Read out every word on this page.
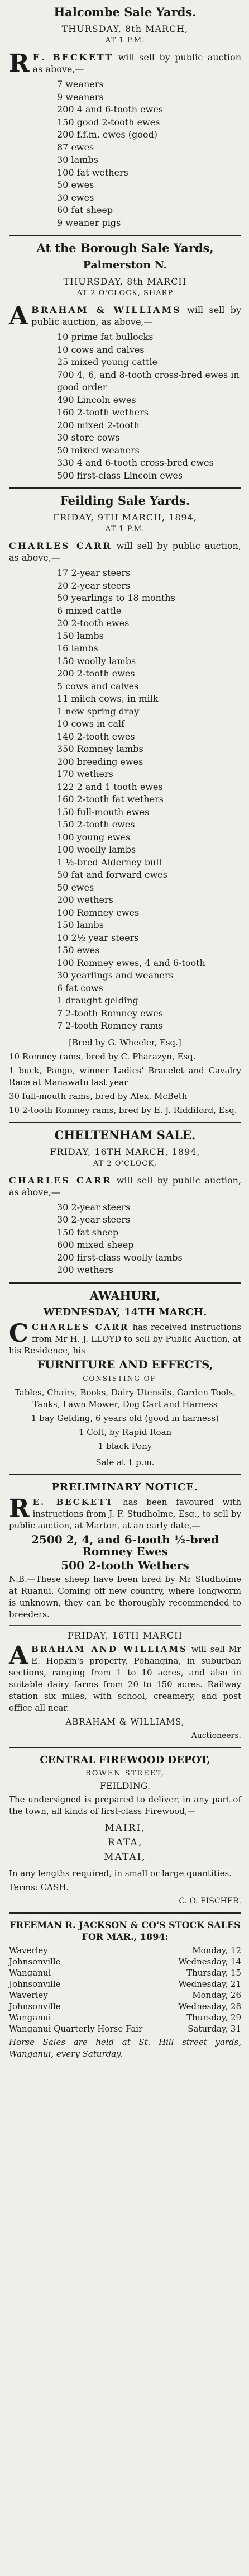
Halcombe Sale Yards.
THURSDAY, 8th MARCH,
AT 1 P.M.
R E. BECKETT will sell by public auction as above,—
7 weaners
9 weaners
200 4 and 6-tooth ewes
150 good 2-tooth ewes
200 f.f.m. ewes (good)
87 ewes
30 lambs
100 fat wethers
50 ewes
30 ewes
60 fat sheep
9 weaner pigs
At the Borough Sale Yards,
Palmerston N.
THURSDAY, 8th MARCH
AT 2 O'CLOCK, SHARP
A BRAHAM & WILLIAMS will sell by public auction, as above,—
10 prime fat bullocks
10 cows and calves
25 mixed young cattle
700 4, 6, and 8-tooth cross-bred ewes in good order
490 Lincoln ewes
160 2-tooth wethers
200 mixed 2-tooth
30 store cows
50 mixed weaners
330 4 and 6-tooth cross-bred ewes
500 first-class Lincoln ewes
Feilding Sale Yards.
FRIDAY, 9TH MARCH, 1894,
AT 1 P.M.
CHARLES CARR will sell by public auction, as above,—
17 2-year steers
20 2-year steers
50 yearlings to 18 months
6 mixed cattle
20 2-tooth ewes
150 lambs
16 lambs
150 woolly lambs
200 2-tooth ewes
5 cows and calves
11 milch cows, in milk
1 new spring dray
10 cows in calf
140 2-tooth ewes
350 Romney lambs
200 breeding ewes
170 wethers
122 2 and 1 tooth ewes
160 2-tooth fat wethers
150 full-mouth ewes
150 2-tooth ewes
100 young ewes
100 woolly lambs
1 ½-bred Alderney bull
50 fat and forward ewes
50 ewes
200 wethers
100 Romney ewes
150 lambs
10 2½ year steers
150 ewes
100 Romney ewes, 4 and 6-tooth
30 yearlings and weaners
6 fat cows
1 draught gelding
7 2-tooth Romney ewes
7 2-tooth Romney rams
[Bred by G. Wheeler, Esq.]
10 Romney rams, bred by C. Pharazyn, Esq.
1 buck, Pango, winner Ladies' Bracelet and Cavalry Race at Manawatu last year
30 full-mouth rams, bred by Alex. McBeth
10 2-tooth Romney rams, bred by E. J. Riddiford, Esq.
CHELTENHAM SALE.
FRIDAY, 16TH MARCH, 1894,
AT 2 O'CLOCK,
CHARLES CARR will sell by public auction, as above,—
30 2-year steers
30 2-year steers
150 fat sheep
600 mixed sheep
200 first-class woolly lambs
200 wethers
AWAHURI,
WEDNESDAY, 14TH MARCH.
C CHARLES CARR has received instructions from Mr H. J. LLOYD to sell by Public Auction, at his Residence, his
FURNITURE AND EFFECTS,
CONSISTING OF —
Tables, Chairs, Books, Dairy Utensils, Garden Tools, Tanks, Lawn Mower, Dog Cart and Harness
1 bay Gelding, 6 years old (good in harness)
1 Colt, by Rapid Roan
1 black Pony
Sale at 1 p.m.
PRELIMINARY NOTICE.
R E. BECKETT has been favoured with instructions from J. F. Studholme, Esq., to sell by public auction, at Marton, at an early date,—
2500 2, 4, and 6-tooth ½-bred Romney Ewes
500 2-tooth Wethers
N.B.—These sheep have been bred by Mr Studholme at Ruanui. Coming off new country, where longworm is unknown, they can be thoroughly recommended to breeders.
FRIDAY, 16TH MARCH
A BRAHAM AND WILLIAMS will sell Mr E. Hopkin's property, Pohangina, in suburban sections, ranging from 1 to 10 acres, and also in suitable dairy farms from 20 to 150 acres. Railway station six miles, with school, creamery, and post office all near.
ABRAHAM & WILLIAMS,
Auctioneers.
CENTRAL FIREWOOD DEPOT,
BOWEN STREET,
FEILDING.
The undersigned is prepared to deliver, in any part of the town, all kinds of first-class Firewood,—
MAIRI,
RATA,
MATAI,
In any lengths required, in small or large quantities.
Terms: CASH.
C. O. FISCHER.
FREEMAN R. JACKSON & CO'S STOCK SALES FOR MAR., 1894:
Waverley	Monday, 12
Johnsonville	Wednesday, 14
Wanganui	Thursday, 15
Johnsonville	Wednesday, 21
Waverley	Monday, 26
Johnsonville	Wednesday, 28
Wanganui	Thursday, 29
Wanganui Quarterly Horse Fair	Saturday, 31
Horse Sales are held at St. Hill street yards, Wanganui, every Saturday.
